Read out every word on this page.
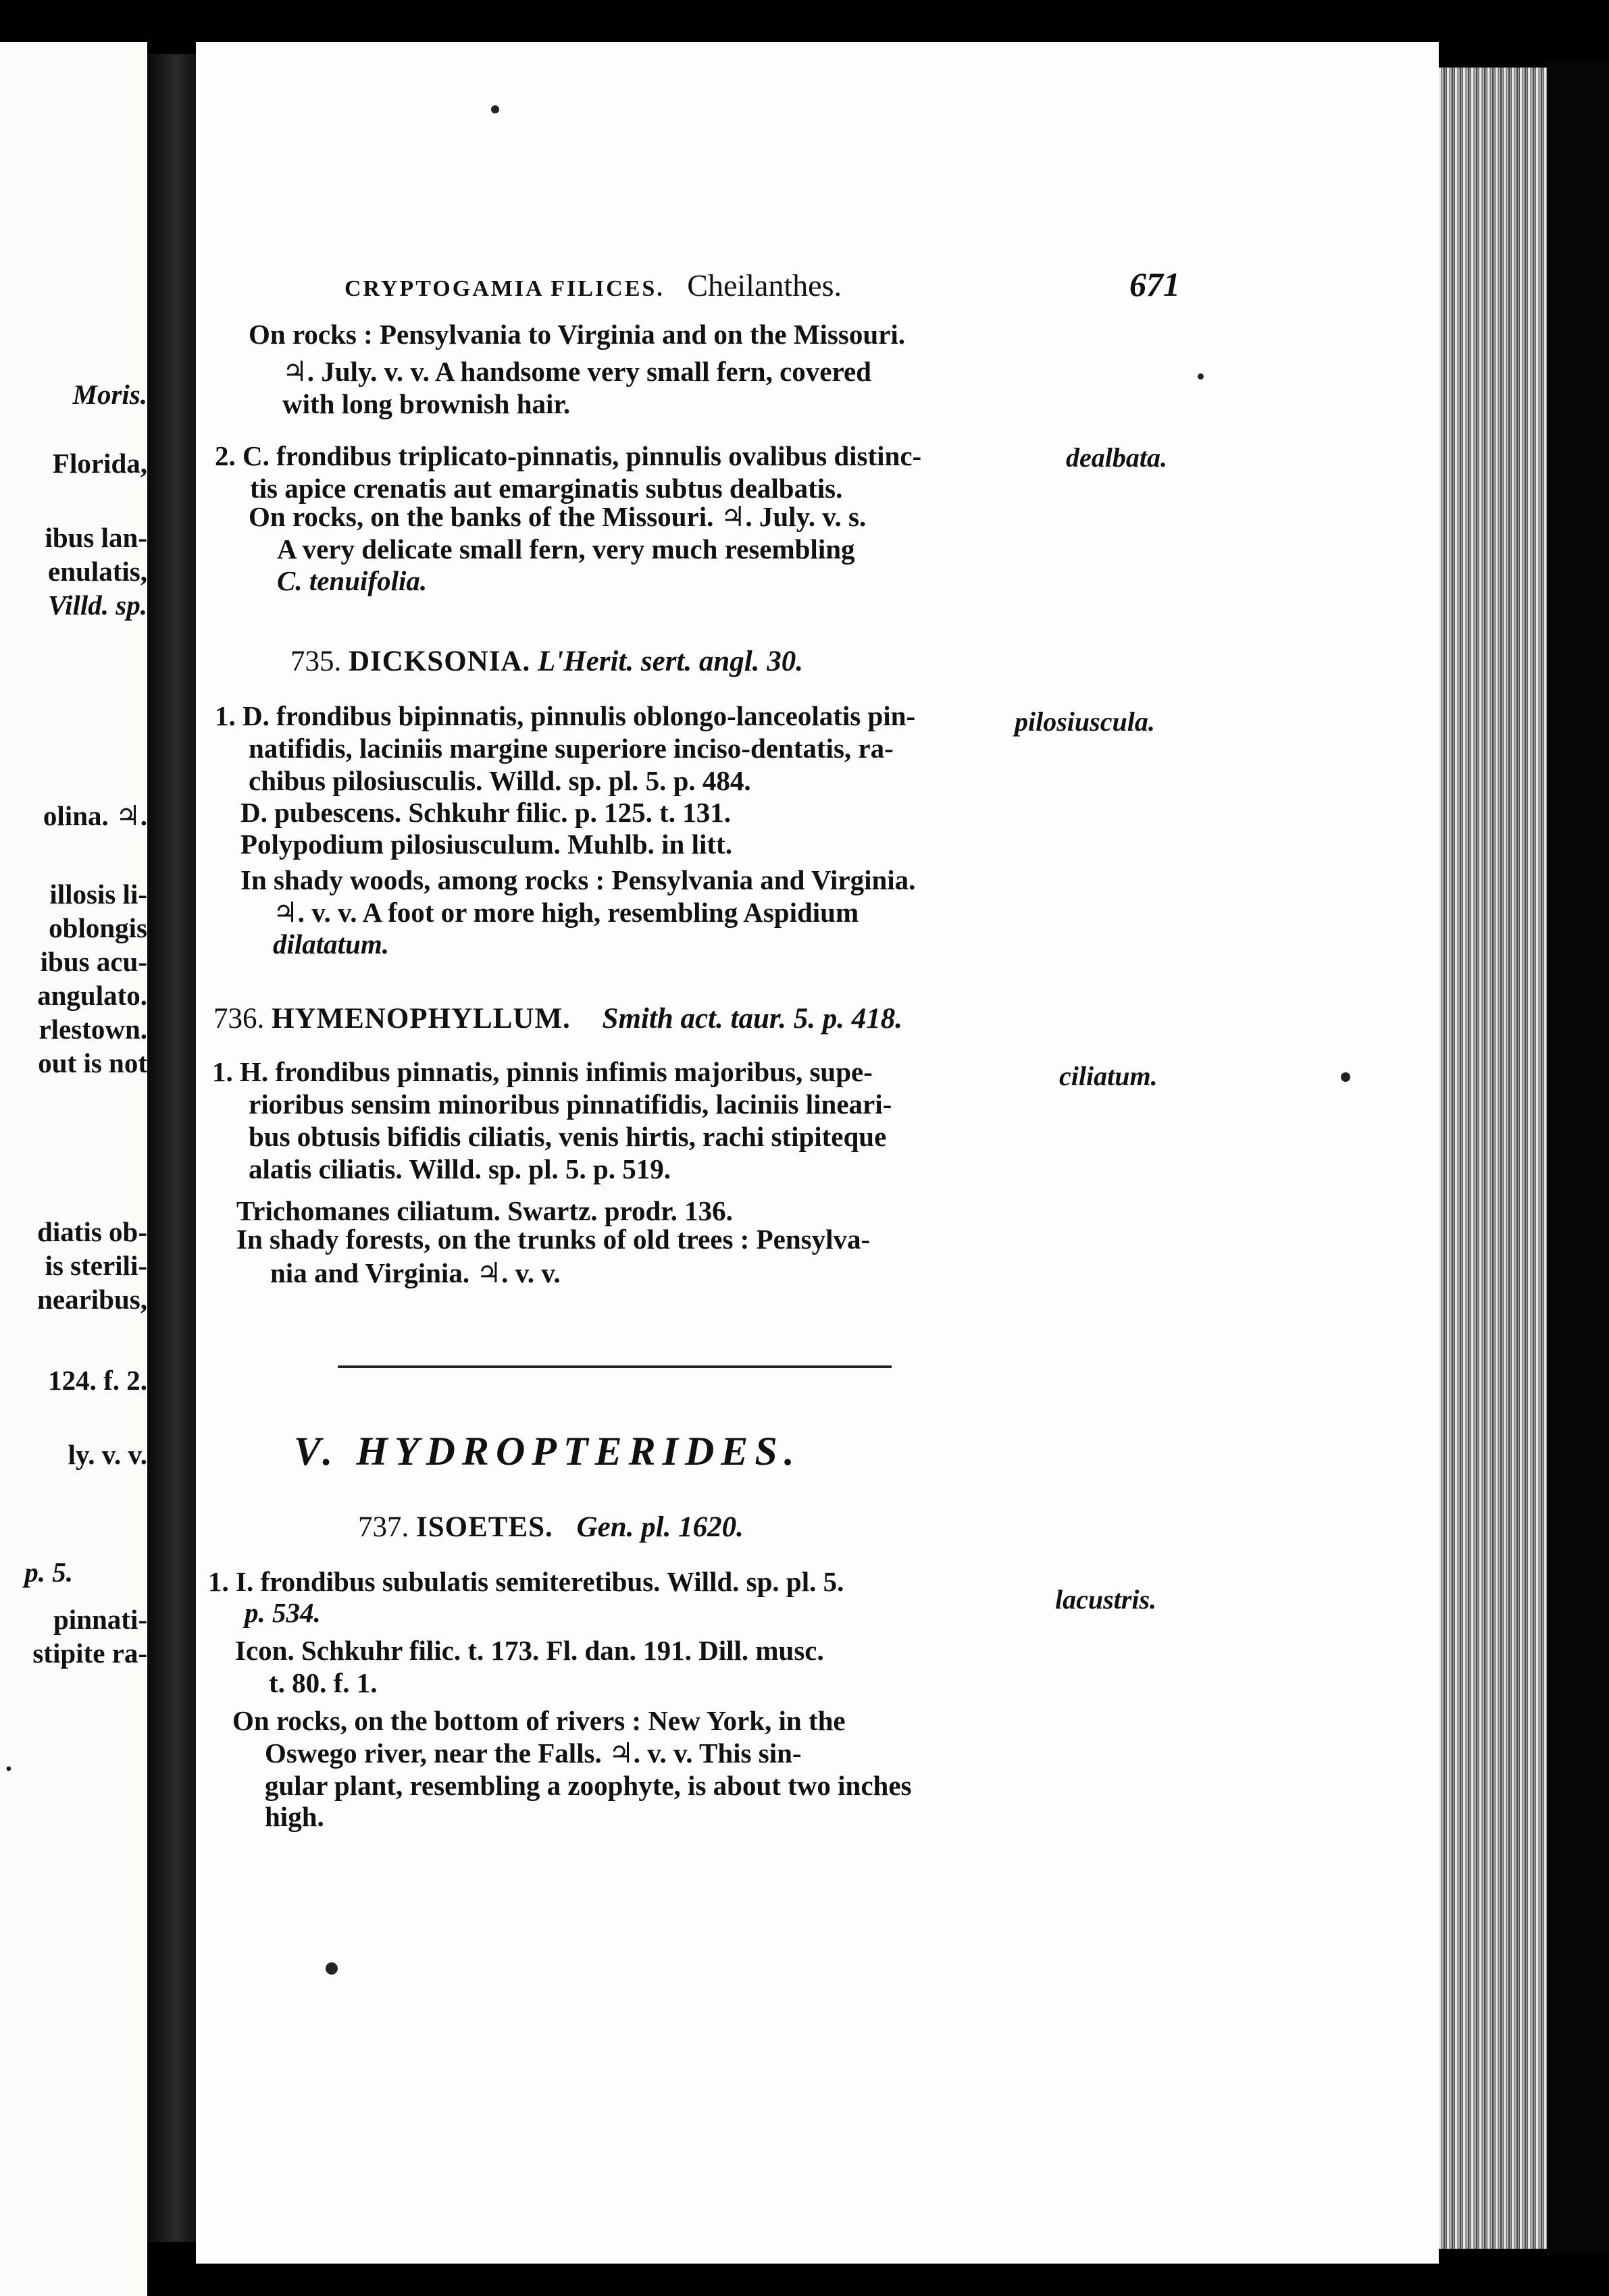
Moris.
Florida,
ibus lan-
enulatis,
Villd. sp.
olina. ♃.
illosis li-
oblongis
ibus acu-
angulato.
rlestown.
out is not
diatis ob-
is sterili-
nearibus,
124. f. 2.
ly. v. v.
p. 5.
pinnati-
stipite ra-
.
CRYPTOGAMIA FILICES. Cheilanthes.	671
On rocks : Pensylvania to Virginia and on the Missouri.
♃. July. v. v. A handsome very small fern, covered
with long brownish hair.
2. C. frondibus triplicato-pinnatis, pinnulis ovalibus distinc-
tis apice crenatis aut emarginatis subtus dealbatis.
On rocks, on the banks of the Missouri. ♃. July. v. s.
A very delicate small fern, very much resembling
C. tenuifolia.
dealbata.
735. DICKSONIA. L'Herit. sert. angl. 30.
1. D. frondibus bipinnatis, pinnulis oblongo-lanceolatis pin-
natifidis, laciniis margine superiore inciso-dentatis, ra-
chibus pilosiusculis. Willd. sp. pl. 5. p. 484.
D. pubescens. Schkuhr filic. p. 125. t. 131.
Polypodium pilosiusculum. Muhlb. in litt.
In shady woods, among rocks : Pensylvania and Virginia.
♃. v. v. A foot or more high, resembling Aspidium
dilatatum.
pilosiuscula.
736. HYMENOPHYLLUM. Smith act. taur. 5. p. 418.
1. H. frondibus pinnatis, pinnis infimis majoribus, supe-
rioribus sensim minoribus pinnatifidis, laciniis lineari-
bus obtusis bifidis ciliatis, venis hirtis, rachi stipiteque
alatis ciliatis. Willd. sp. pl. 5. p. 519.
Trichomanes ciliatum. Swartz. prodr. 136.
In shady forests, on the trunks of old trees : Pensylva-
nia and Virginia. ♃. v. v.
ciliatum.
V. HYDROPTERIDES.
737. ISOETES. Gen. pl. 1620.
1. I. frondibus subulatis semiteretibus. Willd. sp. pl. 5.
p. 534.
Icon. Schkuhr filic. t. 173. Fl. dan. 191. Dill. musc.
t. 80. f. 1.
On rocks, on the bottom of rivers : New York, in the
Oswego river, near the Falls. ♃. v. v. This sin-
gular plant, resembling a zoophyte, is about two inches
high.
lacustris.
